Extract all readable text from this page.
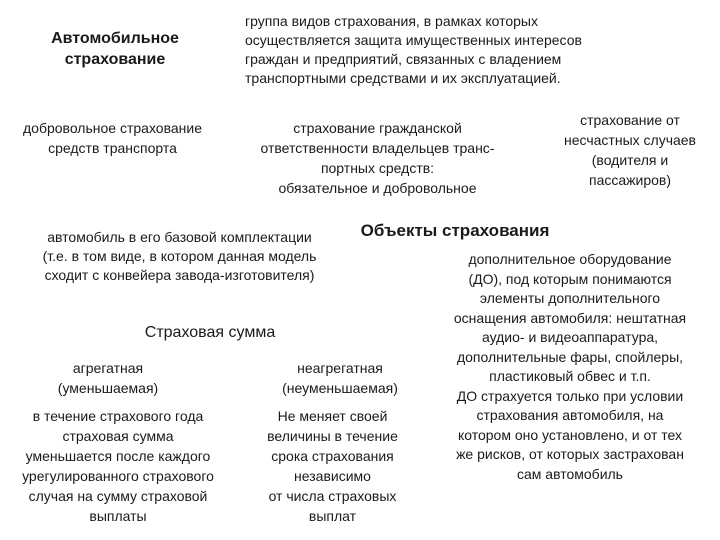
Автомобильное
страхование
группа видов страхования, в рамках которых
осуществляется защита имущественных интересов
граждан и предприятий, связанных с владением
транспортными средствами и их эксплуатацией.
добровольное страхование
средств транспорта
страхование гражданской
ответственности владельцев транс-
портных средств:
обязательное и добровольное
страхование от
несчастных случаев
(водителя и
пассажиров)
Объекты страхования
автомобиль в его базовой комплектации
(т.е. в том виде, в котором данная модель
сходит с конвейера завода-изготовителя)
дополнительное оборудование
(ДО), под которым понимаются
элементы дополнительного
оснащения автомобиля: нештатная
аудио- и видеоаппаратура,
дополнительные фары, спойлеры,
пластиковый обвес и т.п.
ДО страхуется только при условии
страхования автомобиля, на
котором оно установлено, и от тех
же рисков, от которых застрахован
сам автомобиль
Страховая сумма
агрегатная
(уменьшаемая)
неагрегатная
(неуменьшаемая)
в течение страхового года
страховая сумма
уменьшается после каждого
урегулированного страхового
случая на сумму страховой
выплаты
Не меняет своей
величины в течение
срока страхования
независимо
от числа страховых
выплат
